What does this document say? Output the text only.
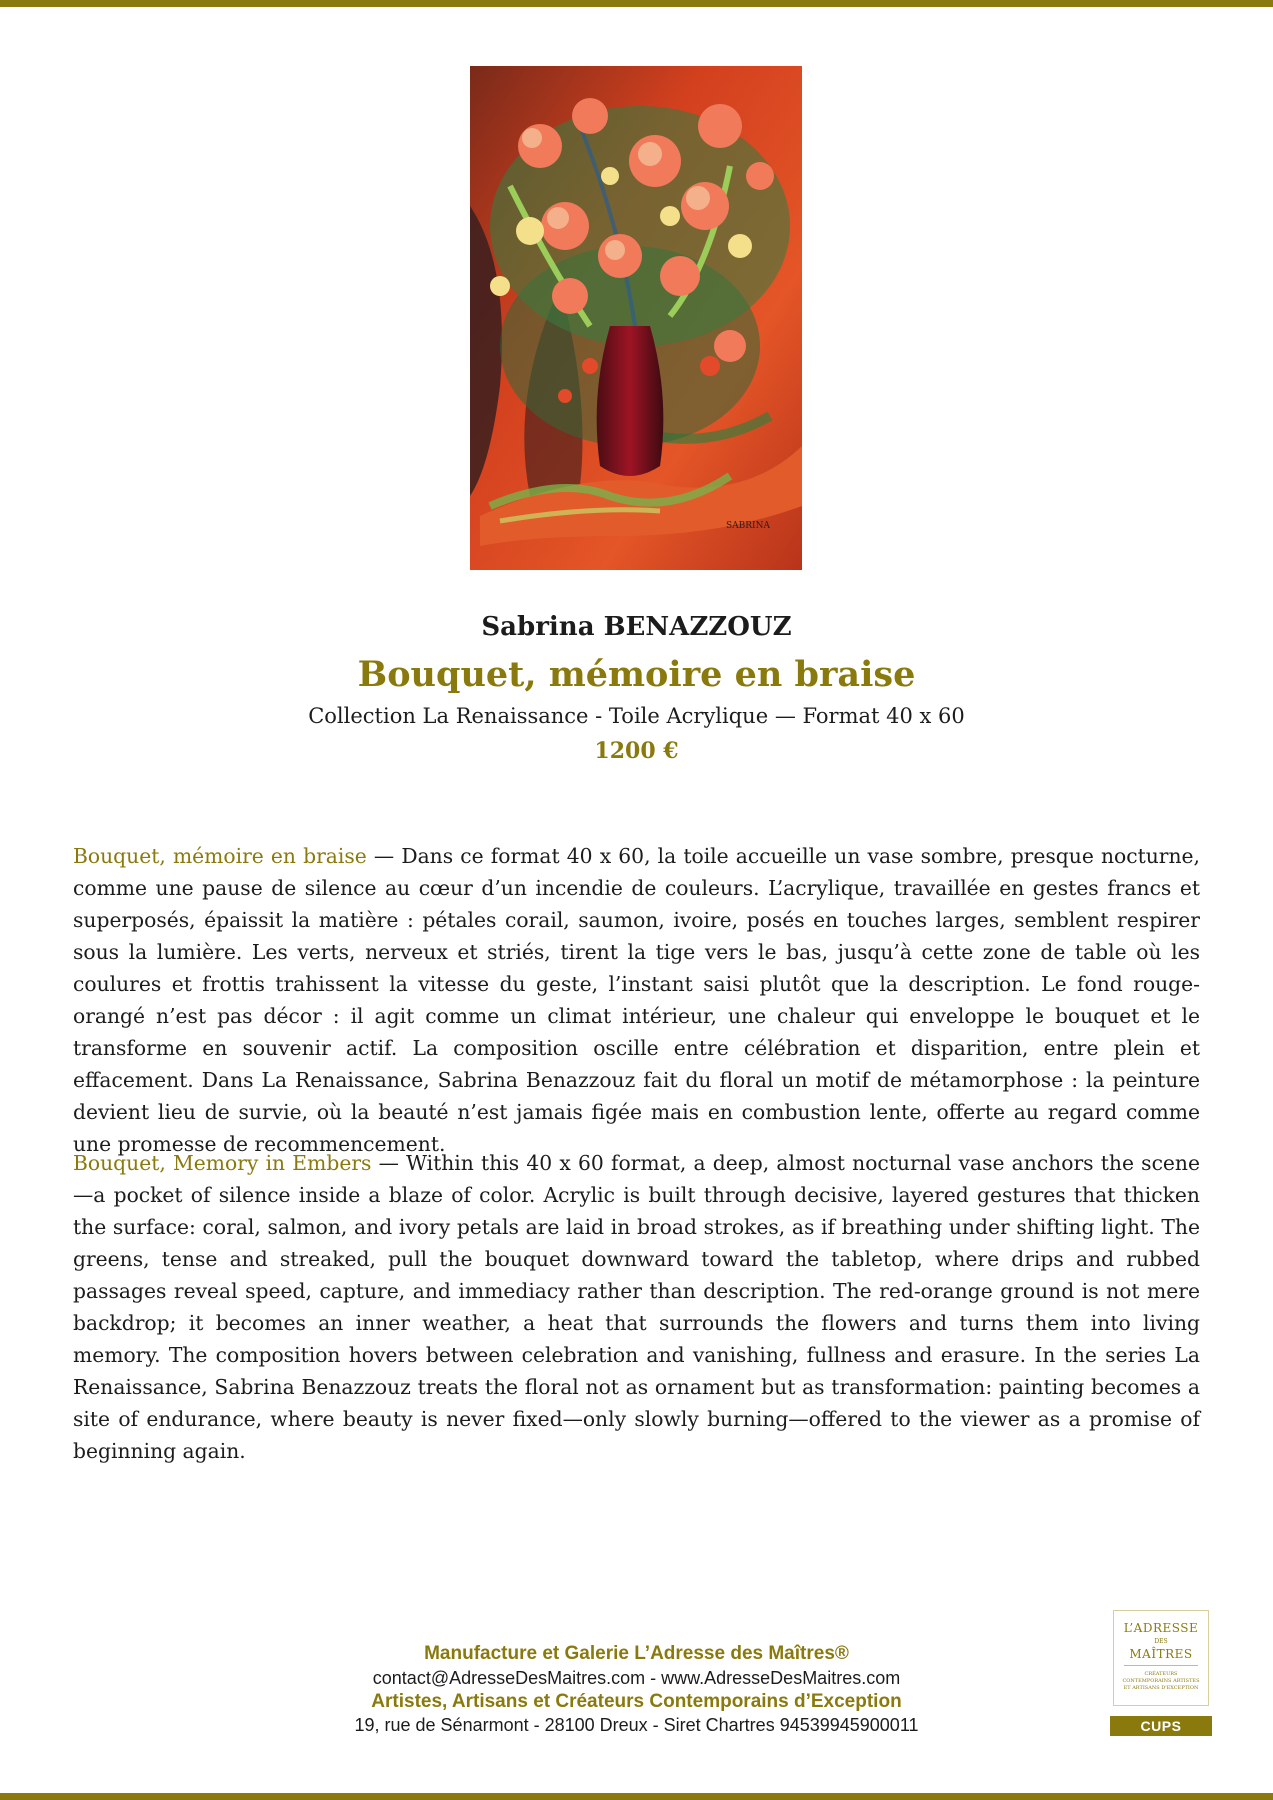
SABRINA
Sabrina BENAZZOUZ
Bouquet, mémoire en braise
Collection La Renaissance - Toile Acrylique — Format 40 x 60
1200 €

Bouquet, mémoire en braise — Dans ce format 40 x 60, la toile accueille un vase sombre, presque nocturne, comme une pause de silence au cœur d’un incendie de couleurs. L’acrylique, travaillée en gestes francs et superposés, épaissit la matière : pétales corail, saumon, ivoire, posés en touches larges, semblent respirer sous la lumière. Les verts, nerveux et striés, tirent la tige vers le bas, jusqu’à cette zone de table où les coulures et frottis trahissent la vitesse du geste, l’instant saisi plutôt que la description. Le fond rouge-orangé n’est pas décor : il agit comme un climat intérieur, une chaleur qui enveloppe le bouquet et le transforme en souvenir actif. La composition oscille entre célébration et disparition, entre plein et effacement. Dans La Renaissance, Sabrina Benazzouz fait du floral un motif de métamorphose : la peinture devient lieu de survie, où la beauté n’est jamais figée mais en combustion lente, offerte au regard comme une promesse de recommencement.

Bouquet, Memory in Embers — Within this 40 x 60 format, a deep, almost nocturnal vase anchors the scene—a pocket of silence inside a blaze of color. Acrylic is built through decisive, layered gestures that thicken the surface: coral, salmon, and ivory petals are laid in broad strokes, as if breathing under shifting light. The greens, tense and streaked, pull the bouquet downward toward the tabletop, where drips and rubbed passages reveal speed, capture, and immediacy rather than description. The red-orange ground is not mere backdrop; it becomes an inner weather, a heat that surrounds the flowers and turns them into living memory. The composition hovers between celebration and vanishing, fullness and erasure. In the series La Renaissance, Sabrina Benazzouz treats the floral not as ornament but as transformation: painting becomes a site of endurance, where beauty is never fixed—only slowly burning—offered to the viewer as a promise of beginning again.

Manufacture et Galerie L’Adresse des Maîtres®
contact@AdresseDesMaitres.com - www.AdresseDesMaitres.com
Artistes, Artisans et Créateurs Contemporains d’Exception
19, rue de Sénarmont - 28100 Dreux - Siret Chartres 94539945900011
L’ADRESSE
DES
MAÎTRES
CRÉATEURS CONTEMPORAINS ARTISTES ET ARTISANS D'EXCEPTION
CUPS
